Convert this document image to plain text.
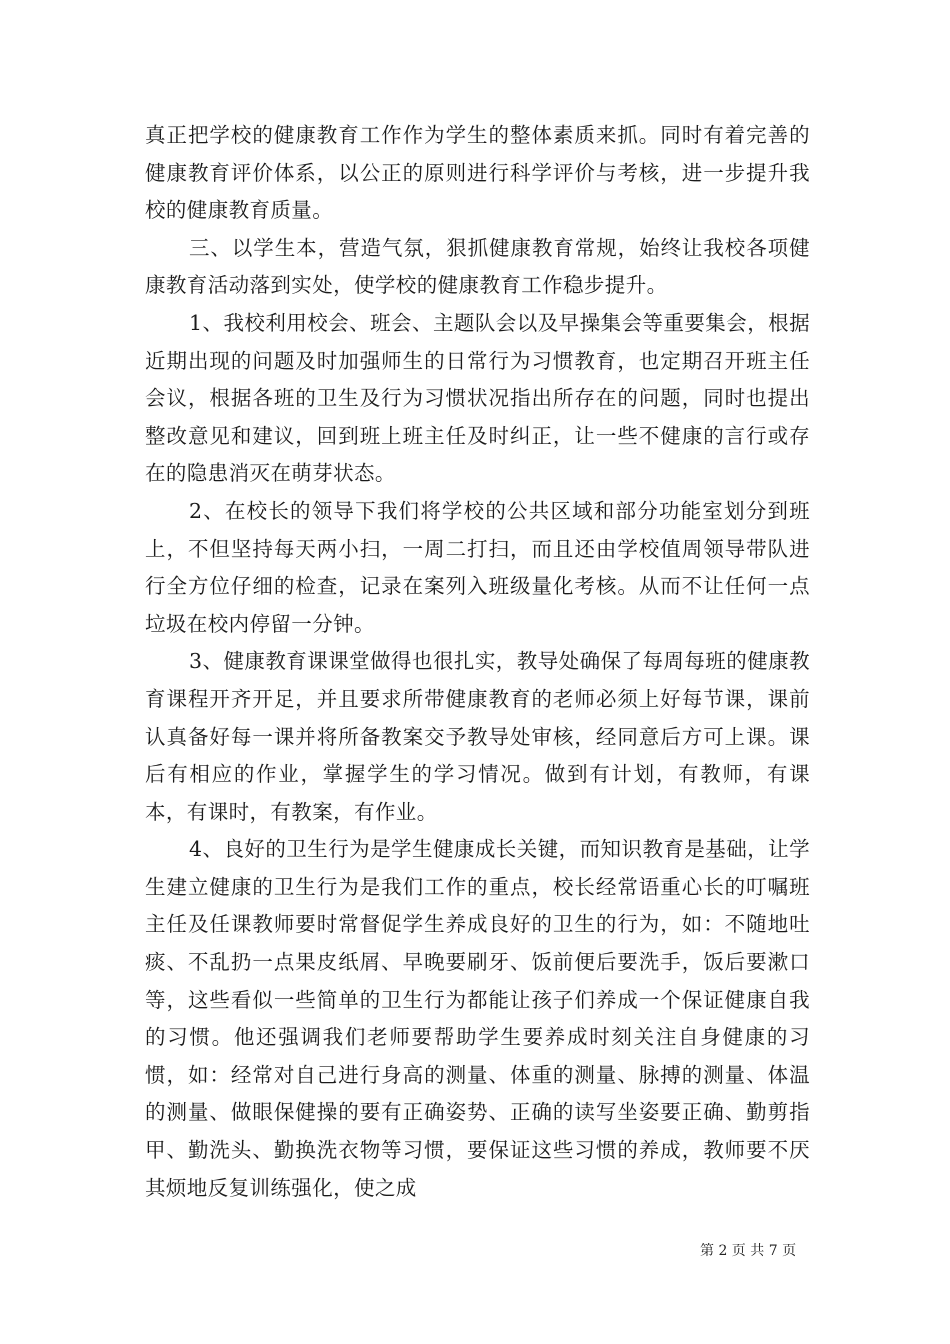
真正把学校的健康教育工作作为学生的整体素质来抓。同时有着完善的健康教育评价体系，以公正的原则进行科学评价与考核，进一步提升我校的健康教育质量。

三、以学生本，营造气氛，狠抓健康教育常规，始终让我校各项健康教育活动落到实处，使学校的健康教育工作稳步提升。

1、我校利用校会、班会、主题队会以及早操集会等重要集会，根据近期出现的问题及时加强师生的日常行为习惯教育，也定期召开班主任会议，根据各班的卫生及行为习惯状况指出所存在的问题，同时也提出整改意见和建议，回到班上班主任及时纠正，让一些不健康的言行或存在的隐患消灭在萌芽状态。

2、在校长的领导下我们将学校的公共区域和部分功能室划分到班上，不但坚持每天两小扫，一周二打扫，而且还由学校值周领导带队进行全方位仔细的检查，记录在案列入班级量化考核。从而不让任何一点垃圾在校内停留一分钟。

3、健康教育课课堂做得也很扎实，教导处确保了每周每班的健康教育课程开齐开足，并且要求所带健康教育的老师必须上好每节课，课前认真备好每一课并将所备教案交予教导处审核，经同意后方可上课。课后有相应的作业，掌握学生的学习情况。做到有计划，有教师，有课本，有课时，有教案，有作业。

4、良好的卫生行为是学生健康成长关键，而知识教育是基础，让学生建立健康的卫生行为是我们工作的重点，校长经常语重心长的叮嘱班主任及任课教师要时常督促学生养成良好的卫生的行为，如：不随地吐痰、不乱扔一点果皮纸屑、早晚要刷牙、饭前便后要洗手，饭后要漱口等，这些看似一些简单的卫生行为都能让孩子们养成一个保证健康自我的习惯。他还强调我们老师要帮助学生要养成时刻关注自身健康的习惯，如：经常对自己进行身高的测量、体重的测量、脉搏的测量、体温的测量、做眼保健操的要有正确姿势、正确的读写坐姿要正确、勤剪指甲、勤洗头、勤换洗衣物等习惯，要保证这些习惯的养成，教师要不厌其烦地反复训练强化，使之成

第 2 页 共 7 页
